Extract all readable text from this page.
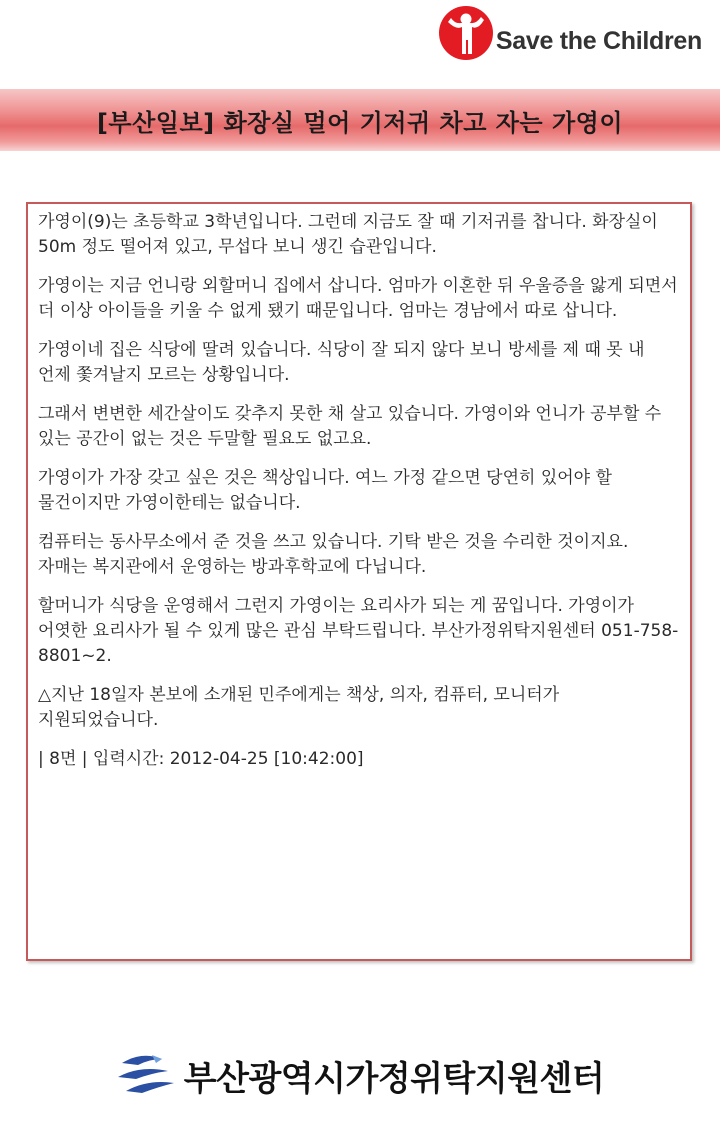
Save the Children
[부산일보] 화장실 멀어 기저귀 차고 자는 가영이

가영이(9)는 초등학교 3학년입니다. 그런데 지금도 잘 때 기저귀를 찹니다. 화장실이 50m 정도 떨어져 있고, 무섭다 보니 생긴 습관입니다.

가영이는 지금 언니랑 외할머니 집에서 삽니다. 엄마가 이혼한 뒤 우울증을 앓게 되면서 더 이상 아이들을 키울 수 없게 됐기 때문입니다. 엄마는 경남에서 따로 삽니다.

가영이네 집은 식당에 딸려 있습니다. 식당이 잘 되지 않다 보니 방세를 제 때 못 내 언제 쫓겨날지 모르는 상황입니다.

그래서 변변한 세간살이도 갖추지 못한 채 살고 있습니다. 가영이와 언니가 공부할 수 있는 공간이 없는 것은 두말할 필요도 없고요.

가영이가 가장 갖고 싶은 것은 책상입니다. 여느 가정 같으면 당연히 있어야 할 물건이지만 가영이한테는 없습니다.

컴퓨터는 동사무소에서 준 것을 쓰고 있습니다. 기탁 받은 것을 수리한 것이지요. 자매는 복지관에서 운영하는 방과후학교에 다닙니다.

할머니가 식당을 운영해서 그런지 가영이는 요리사가 되는 게 꿈입니다. 가영이가 어엿한 요리사가 될 수 있게 많은 관심 부탁드립니다. 부산가정위탁지원센터 051-758-8801~2.

△지난 18일자 본보에 소개된 민주에게는 책상, 의자, 컴퓨터, 모니터가 지원되었습니다.

| 8면 | 입력시간: 2012-04-25 [10:42:00]

부산광역시가정위탁지원센터
